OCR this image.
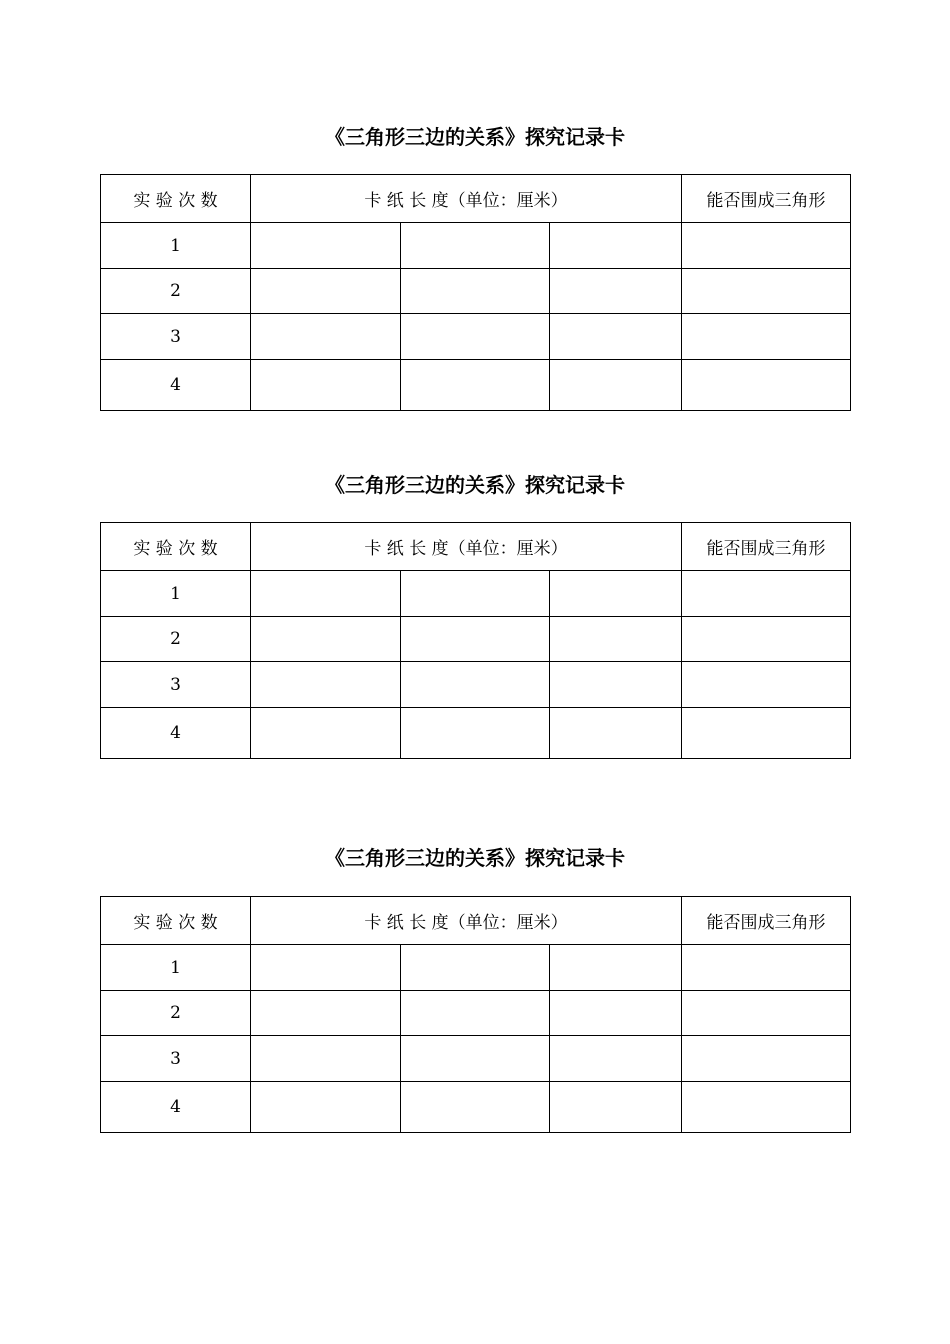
《三角形三边的关系》探究记录卡
实 验 次 数	卡 纸 长 度（单位：厘米）			能否围成三角形
1				
2				
3				
4				
《三角形三边的关系》探究记录卡
实 验 次 数	卡 纸 长 度（单位：厘米）			能否围成三角形
1				
2				
3				
4				
《三角形三边的关系》探究记录卡
实 验 次 数	卡 纸 长 度（单位：厘米）			能否围成三角形
1				
2				
3				
4				
